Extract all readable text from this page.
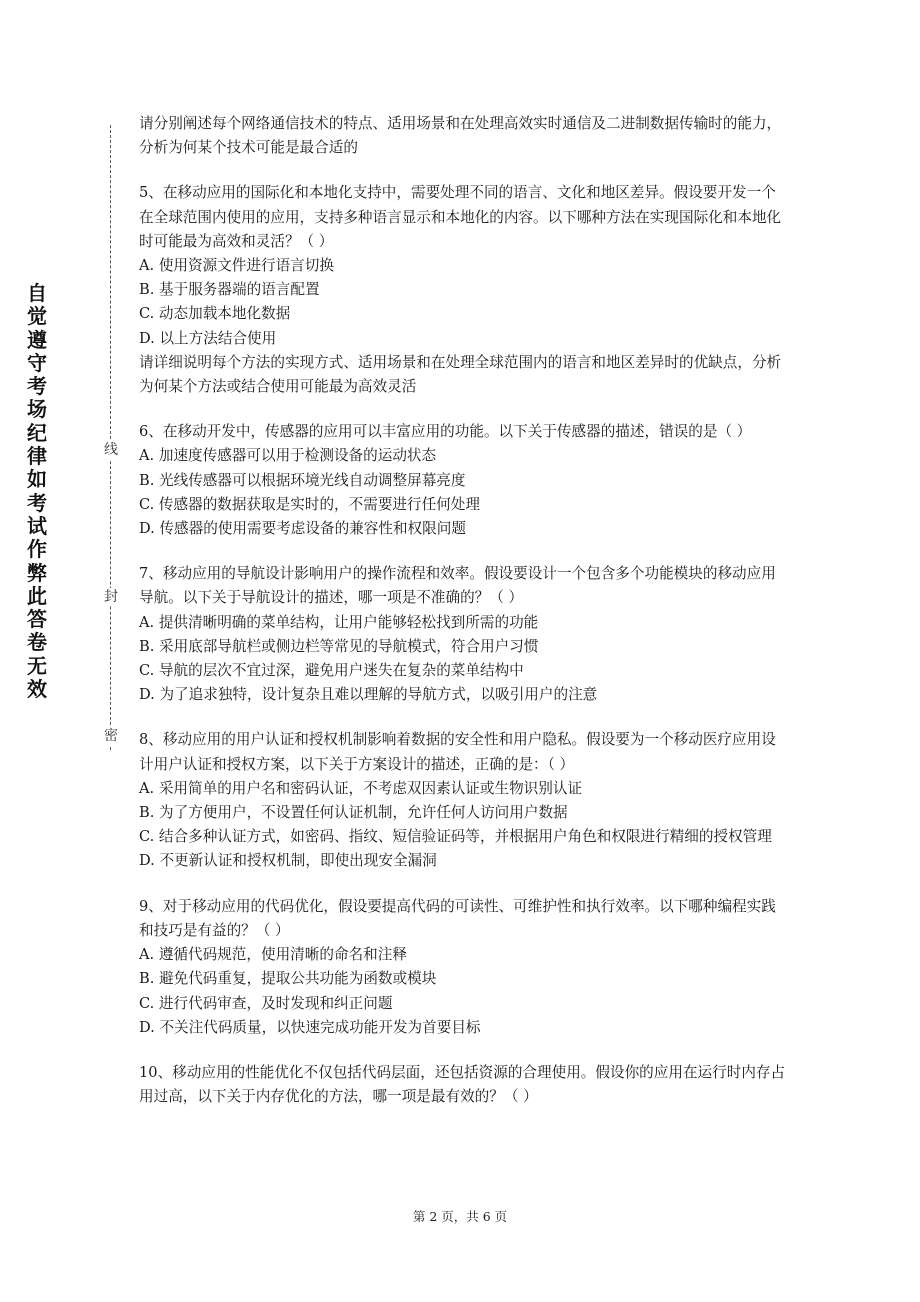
自
觉
遵
守
考
场
纪
律
如
考
试
作
弊
此
答
卷
无
效
线
封
密

请分别阐述每个网络通信技术的特点、适用场景和在处理高效实时通信及二进制数据传输时的能力，分析为何某个技术可能是最合适的

5、在移动应用的国际化和本地化支持中，需要处理不同的语言、文化和地区差异。假设要开发一个在全球范围内使用的应用，支持多种语言显示和本地化的内容。以下哪种方法在实现国际化和本地化时可能最为高效和灵活？（ ）

A. 使用资源文件进行语言切换

B. 基于服务器端的语言配置

C. 动态加载本地化数据

D. 以上方法结合使用

请详细说明每个方法的实现方式、适用场景和在处理全球范围内的语言和地区差异时的优缺点，分析为何某个方法或结合使用可能最为高效灵活

6、在移动开发中，传感器的应用可以丰富应用的功能。以下关于传感器的描述，错误的是（ ）

A. 加速度传感器可以用于检测设备的运动状态

B. 光线传感器可以根据环境光线自动调整屏幕亮度

C. 传感器的数据获取是实时的，不需要进行任何处理

D. 传感器的使用需要考虑设备的兼容性和权限问题

7、移动应用的导航设计影响用户的操作流程和效率。假设要设计一个包含多个功能模块的移动应用导航。以下关于导航设计的描述，哪一项是不准确的？（ ）

A. 提供清晰明确的菜单结构，让用户能够轻松找到所需的功能

B. 采用底部导航栏或侧边栏等常见的导航模式，符合用户习惯

C. 导航的层次不宜过深，避免用户迷失在复杂的菜单结构中

D. 为了追求独特，设计复杂且难以理解的导航方式，以吸引用户的注意

8、移动应用的用户认证和授权机制影响着数据的安全性和用户隐私。假设要为一个移动医疗应用设计用户认证和授权方案，以下关于方案设计的描述，正确的是：（ ）

A. 采用简单的用户名和密码认证，不考虑双因素认证或生物识别认证

B. 为了方便用户，不设置任何认证机制，允许任何人访问用户数据

C. 结合多种认证方式，如密码、指纹、短信验证码等，并根据用户角色和权限进行精细的授权管理

D. 不更新认证和授权机制，即使出现安全漏洞

9、对于移动应用的代码优化，假设要提高代码的可读性、可维护性和执行效率。以下哪种编程实践和技巧是有益的？（ ）

A. 遵循代码规范，使用清晰的命名和注释

B. 避免代码重复，提取公共功能为函数或模块

C. 进行代码审查，及时发现和纠正问题

D. 不关注代码质量，以快速完成功能开发为首要目标

10、移动应用的性能优化不仅包括代码层面，还包括资源的合理使用。假设你的应用在运行时内存占用过高，以下关于内存优化的方法，哪一项是最有效的？（ ）

第 2 页，共 6 页
